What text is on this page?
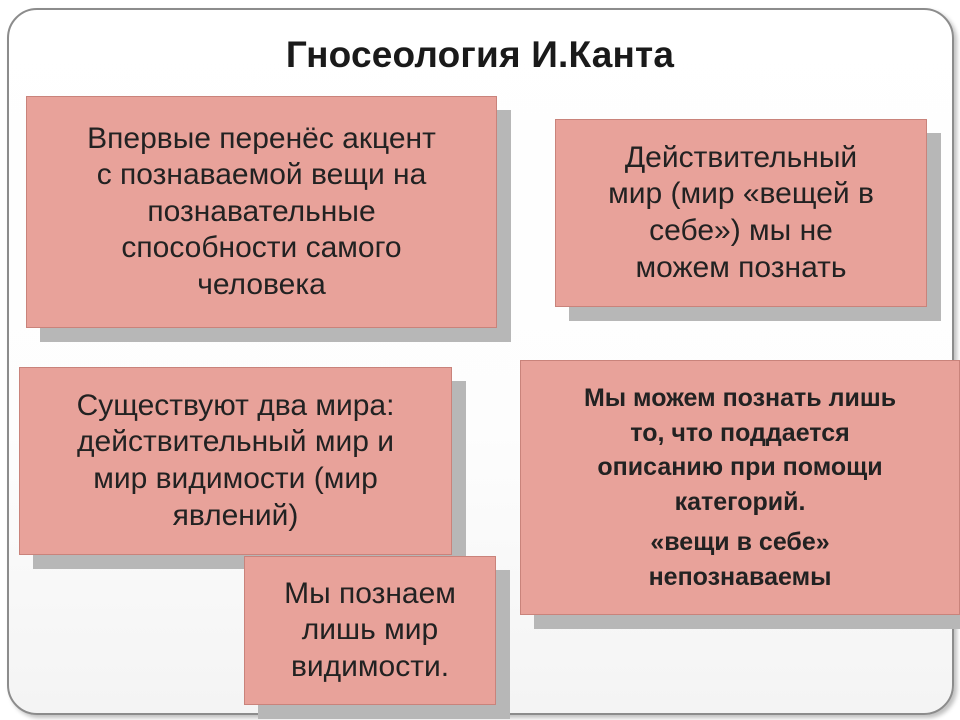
Гносеология И.Канта
Впервые перенёс акцент
с познаваемой вещи на
познавательные
способности самого
человека
Действительный
мир (мир «вещей в
себе») мы не
можем познать
Существуют два мира:
действительный мир и
мир видимости (мир
явлений)
Мы можем познать лишь
то, что поддается
описанию при помощи
категорий.
«вещи в себе»
непознаваемы
Мы познаем
лишь мир
видимости.
